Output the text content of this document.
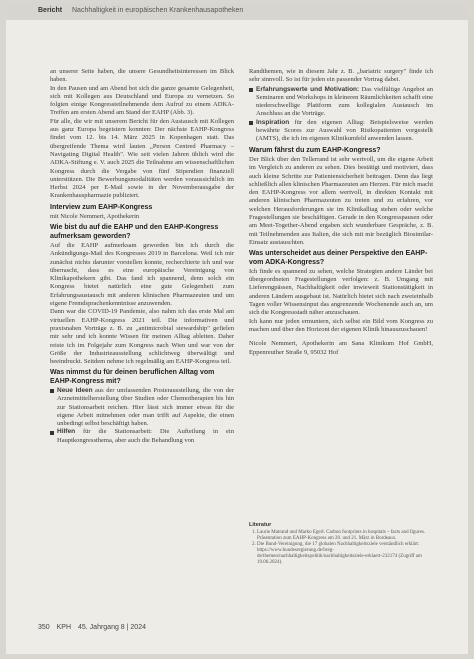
Bericht Nachhaltigkeit in europäischen Krankenhausapotheken

an unserer Seite haben, die unsere Gesundheitsinteressen im Blick haben.

In den Pausen und am Abend bot sich die ganze gesamte Gelegenheit, sich mit Kollegen aus Deutschland und Europa zu vernetzen. So folgten einige Kongressteilnehmende dem Aufruf zu einem ADKA-Treffen am ersten Abend am Stand der EAHP (Abb. 3).

Für alle, die wir mit unserem Bericht für den Austausch mit Kollegen aus ganz Europa begeistern konnten: Der nächste EAHP-Kongress findet vom 12. bis 14. März 2025 in Kopenhagen statt. Das übergreifende Thema wird lauten „Person Centred Pharmacy – Navigating Digital Health". Wie seit vielen Jahren üblich wird die ADKA-Stiftung e. V. auch 2025 die Teilnahme am wissenschaftlichen Kongress durch die Vergabe von fünf Stipendien finanziell unterstützen. Die Bewerbungsmodalitäten werden voraussichtlich im Herbst 2024 per E-Mail sowie in der Novemberausgabe der Krankenhauspharmazie publiziert.

Interview zum EAHP-Kongress

mit Nicole Nemmert, Apothekerin

Wie bist du auf die EAHP und den EAHP-Kongress aufmerksam geworden?

Auf die EAHP aufmerksam geworden bin ich durch die Ankündigungs-Mail des Kongresses 2019 in Barcelona. Weil ich mir zunächst nichts darunter vorstellen konnte, recherchierte ich und war überrascht, dass es eine europäische Vereinigung von Klinikapothekern gibt. Das fand ich spannend, denn solch ein Kongress bietet natürlich eine gute Gelegenheit zum Erfahrungsaustausch mit anderen klinischen Pharmazeuten und um eigene Fremdsprachenkenntnisse anzuwenden.

Dann war die COVID-19 Pandemie, also nahm ich das erste Mal am virtuellen EAHP-Kongress 2021 teil. Die informativen und praxisnahen Vorträge z. B. zu „antimicrobial stewardship" gefielen mir sehr und ich konnte Wissen für meinen Alltag ableiten. Daher reiste ich im Folgejahr zum Kongress nach Wien und war von der Größe der Industrieausstellung schlichtweg überwältigt und beeindruckt. Seitdem nehme ich regelmäßig am EAHP-Kongress teil.

Was nimmst du für deinen beruflichen Alltag vom EAHP-Kongress mit?
Neue Ideen aus der umfassenden Posterausstellung, die von der Arzneimittelherstellung über Studien oder Chemotherapien bis hin zur Stationsarbeit reichen. Hier lässt sich immer etwas für die eigene Arbeit mitnehmen oder man trifft auf Aspekte, die einen unbedingt selbst beschäftigt haben.
Hilfen für die Stationsarbeit: Die Aufteilung in ein Hauptkongressthema, aber auch die Behandlung von

Randthemen, wie in diesem Jahr z. B. „bariatric surgery" finde ich sehr sinnvoll. So ist für jeden ein passender Vortrag dabei.

Erfahrungswerte und Motivation: Das vielfältige Angebot an Seminaren und Workshops in kleineren Räumlichkeiten schafft eine niederschwellige Plattform zum kollegialen Austausch im Anschluss an die Vorträge.
Inspiration für den eigenen Alltag: Beispielsweise werden bewährte Scores zur Auswahl von Risikopatienten vorgestellt (AMTS), die ich im eigenen Klinikumfeld anwenden lassen.
Warum fährst du zum EAHP-Kongress?

Der Blick über den Tellerrand ist sehr wertvoll, um die eigene Arbeit im Vergleich zu anderen zu sehen. Dies bestätigt und motiviert, dass auch kleine Schritte zur Patientensicherheit beitragen. Denn das liegt schließlich allen klinischen Pharmazeuten am Herzen. Für mich macht den EAHP-Kongress vor allem wertvoll, in direkten Kontakt mit anderen klinischen Pharmazeuten zu treten und zu erfahren, vor welchen Herausforderungen sie im Klinikalltag stehen oder welche Fragestellungen sie beschäftigen. Gerade in den Kongresspausen oder am Meet-Together-Abend ergaben sich wunderbare Gespräche, z. B. mit Teilnehmenden aus Italien, die sich mit mir bezüglich Biosimilar-Einsatz austauschten.

Was unterscheidet aus deiner Perspektive den EAHP- vom ADKA-Kongress?

Ich finde es spannend zu sehen, welche Strategien andere Länder bei übergeordneten Fragestellungen verfolgen: z. B. Umgang mit Lieferengpässen, Nachhaltigkeit oder inwieweit Stationstätigkeit in anderen Ländern ausgebaut ist. Natürlich bietet sich nach zweieinhalb Tagen voller Wissensinput das angrenzende Wochenende auch an, um sich die Kongressstadt näher anzuschauen.

Ich kann nur jeden ermuntern, sich selbst ein Bild vom Kongress zu machen und über den Horizont der eigenen Klinik hinauszuschauen!

Nicole Nemmert, Apothekerin am Sana Klinikum Hof GmbH, Eppenreuther Straße 9, 95032 Hof

Literatur
1. Laurie Matrand und Marko Egerl. Carbon footprints in hospitals – facts and figures. Präsentation zum EAHP-Kongress am 20. und 21. März in Bordeaux.
2. Die Bund-Vereinigung, die 17 globalen Nachhaltigkeitsziele verständlich erklärt: https://www.bundesregierung.de/breg-de/themen/nachhaltigkeitspolitik/nachhaltigkeitsziele-erklaert-232174 (Zugriff am 19.06.2024).
350 KPH 45. Jahrgang 8 | 2024
